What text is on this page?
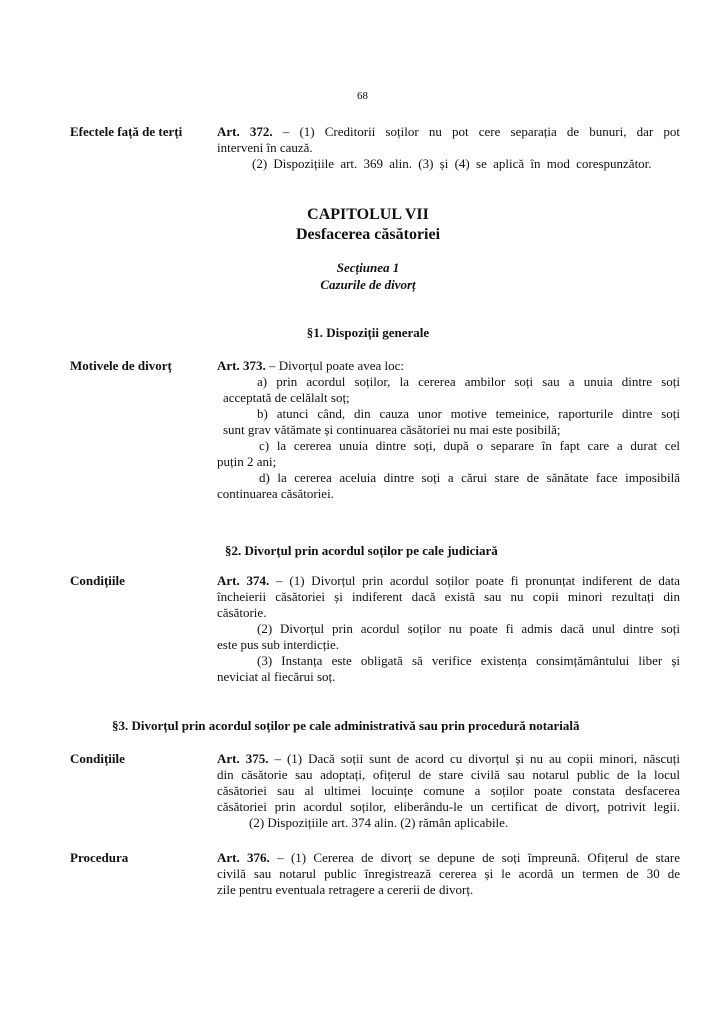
68
Efectele față de terți	Art. 372. – (1) Creditorii soților nu pot cere separația de bunuri, dar pot
interveni în cauză.
(2) Dispozițiile art. 369 alin. (3) și (4) se aplică în mod corespunzător.
CAPITOLUL VII
Desfacerea căsătoriei
Secțiunea 1
Cazurile de divorț
§1. Dispoziții generale
Motivele de divorț	Art. 373. – Divorțul poate avea loc:
a) prin acordul soților, la cererea ambilor soți sau a unuia dintre soți
acceptată de celălalt soț;
b) atunci când, din cauza unor motive temeinice, raporturile dintre soți
sunt grav vătămate și continuarea căsătoriei nu mai este posibilă;
c) la cererea unuia dintre soți, după o separare în fapt care a durat cel
puțin 2 ani;
d) la cererea aceluia dintre soți a cărui stare de sănătate face imposibilă
continuarea căsătoriei.
§2. Divorțul prin acordul soților pe cale judiciară
Condițiile	Art. 374. – (1) Divorțul prin acordul soților poate fi pronunțat indiferent de data
încheierii căsătoriei și indiferent dacă există sau nu copii minori rezultați din
căsătorie.
(2) Divorțul prin acordul soților nu poate fi admis dacă unul dintre soți
este pus sub interdicție.
(3) Instanța este obligată să verifice existența consimțământului liber și
neviciat al fiecărui soț.
§3. Divorțul prin acordul soților pe cale administrativă sau prin procedură notarială
Condițiile	Art. 375. – (1) Dacă soții sunt de acord cu divorțul și nu au copii minori, născuți
din căsătorie sau adoptați, ofițerul de stare civilă sau notarul public de la locul
căsătoriei sau al ultimei locuințe comune a soților poate constata desfacerea
căsătoriei prin acordul soților, eliberându-le un certificat de divorț, potrivit legii.
(2) Dispozițiile art. 374 alin. (2) rămân aplicabile.
Procedura	Art. 376. – (1) Cererea de divorț se depune de soți împreună. Ofițerul de stare
civilă sau notarul public înregistrează cererea și le acordă un termen de 30 de
zile pentru eventuala retragere a cererii de divorț.
